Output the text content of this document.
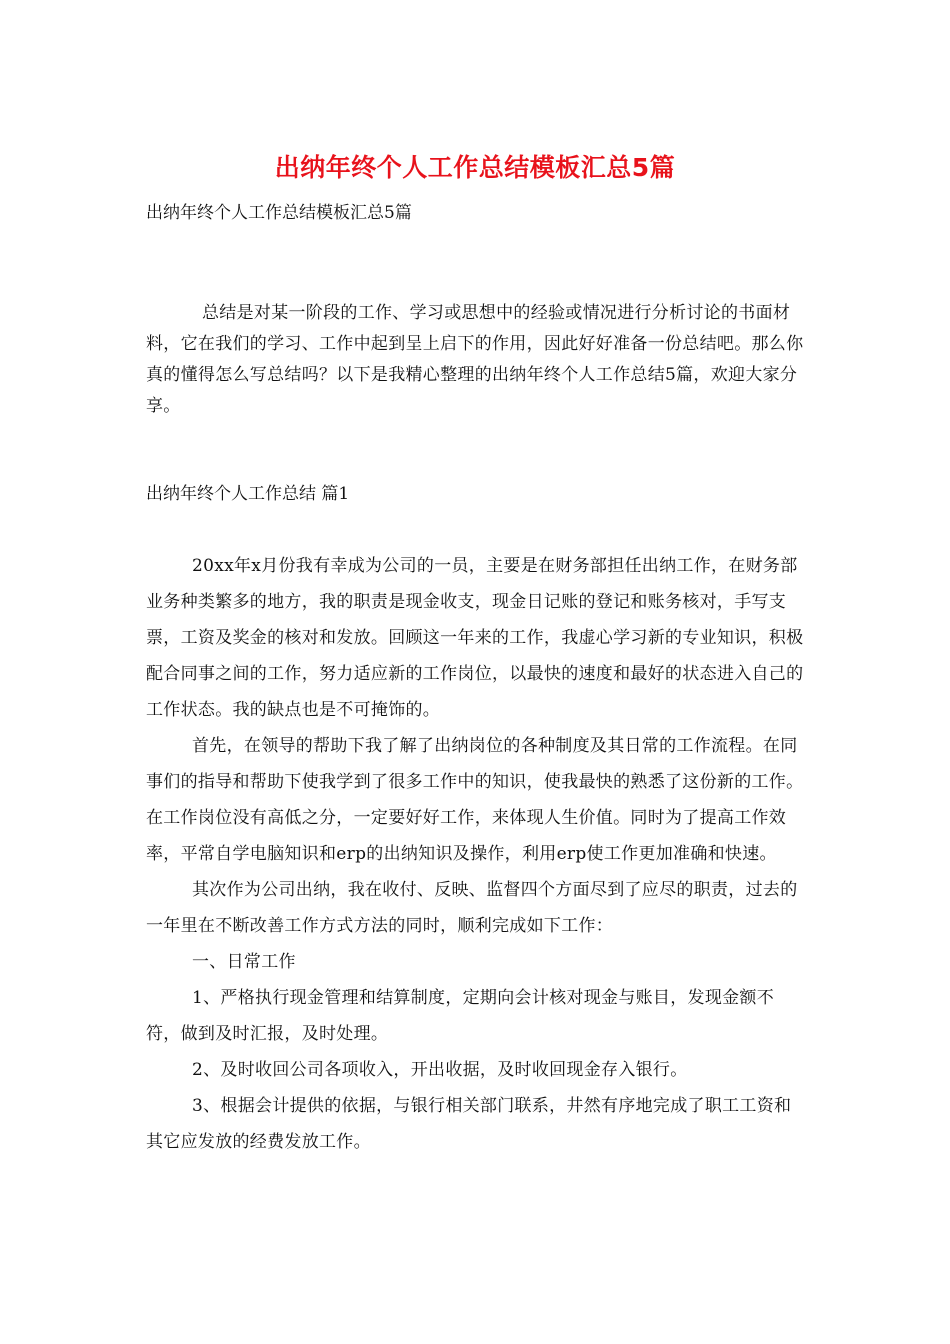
出纳年终个人工作总结模板汇总5篇
出纳年终个人工作总结模板汇总5篇
总结是对某一阶段的工作、学习或思想中的经验或情况进行分析讨论的书面材料，它在我们的学习、工作中起到呈上启下的作用，因此好好准备一份总结吧。那么你真的懂得怎么写总结吗？以下是我精心整理的出纳年终个人工作总结5篇，欢迎大家分享。
出纳年终个人工作总结 篇1

20xx年x月份我有幸成为公司的一员，主要是在财务部担任出纳工作，在财务部业务种类繁多的地方，我的职责是现金收支，现金日记账的登记和账务核对，手写支票，工资及奖金的核对和发放。回顾这一年来的工作，我虚心学习新的专业知识，积极配合同事之间的工作，努力适应新的工作岗位，以最快的速度和最好的状态进入自己的工作状态。我的缺点也是不可掩饰的。

首先，在领导的帮助下我了解了出纳岗位的各种制度及其日常的工作流程。在同事们的指导和帮助下使我学到了很多工作中的知识，使我最快的熟悉了这份新的工作。在工作岗位没有高低之分，一定要好好工作，来体现人生价值。同时为了提高工作效率，平常自学电脑知识和erp的出纳知识及操作，利用erp使工作更加准确和快速。

其次作为公司出纳，我在收付、反映、监督四个方面尽到了应尽的职责，过去的一年里在不断改善工作方式方法的同时，顺利完成如下工作：

一、日常工作

1、严格执行现金管理和结算制度，定期向会计核对现金与账目，发现金额不符，做到及时汇报，及时处理。

2、及时收回公司各项收入，开出收据，及时收回现金存入银行。

3、根据会计提供的依据，与银行相关部门联系，井然有序地完成了职工工资和其它应发放的经费发放工作。
